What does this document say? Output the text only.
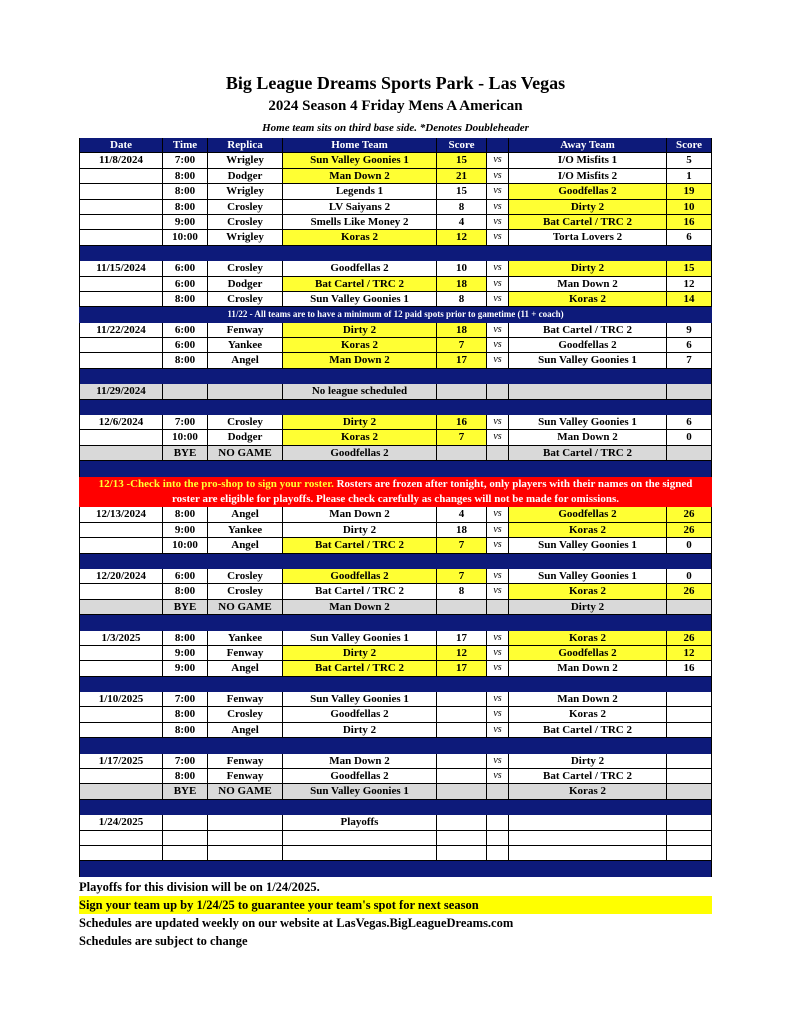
Big League Dreams Sports Park - Las Vegas
2024 Season 4 Friday Mens A American
Home team sits on third base side. *Denotes Doubleheader
Date	Time	Replica	Home Team	Score	Away Team	Score
11/8/2024	7:00	Wrigley	Sun Valley Goonies 1	15	vs	I/O Misfits 1	5
8:00	Dodger	Man Down 2	21	vs	I/O Misfits 2	1
8:00	Wrigley	Legends 1	15	vs	Goodfellas 2	19
8:00	Crosley	LV Saiyans 2	8	vs	Dirty 2	10
9:00	Crosley	Smells Like Money 2	4	vs	Bat Cartel / TRC 2	16
10:00	Wrigley	Koras 2	12	vs	Torta Lovers 2	6
11/15/2024	6:00	Crosley	Goodfellas 2	10	vs	Dirty 2	15
6:00	Dodger	Bat Cartel / TRC 2	18	vs	Man Down 2	12
8:00	Crosley	Sun Valley Goonies 1	8	vs	Koras 2	14
11/22 - All teams are to have a minimum of 12 paid spots prior to gametime (11 + coach)
11/22/2024	6:00	Fenway	Dirty 2	18	vs	Bat Cartel / TRC 2	9
6:00	Yankee	Koras 2	7	vs	Goodfellas 2	6
8:00	Angel	Man Down 2	17	vs	Sun Valley Goonies 1	7
11/29/2024	No league scheduled
12/6/2024	7:00	Crosley	Dirty 2	16	vs	Sun Valley Goonies 1	6
10:00	Dodger	Koras 2	7	vs	Man Down 2	0
BYE	NO GAME	Goodfellas 2	Bat Cartel / TRC 2
12/13 -Check into the pro-shop to sign your roster. Rosters are frozen after tonight, only players with their names on the signed roster are eligible for playoffs. Please check carefully as changes will not be made for omissions.
12/13/2024	8:00	Angel	Man Down 2	4	vs	Goodfellas 2	26
9:00	Yankee	Dirty 2	18	vs	Koras 2	26
10:00	Angel	Bat Cartel / TRC 2	7	vs	Sun Valley Goonies 1	0
12/20/2024	6:00	Crosley	Goodfellas 2	7	vs	Sun Valley Goonies 1	0
8:00	Crosley	Bat Cartel / TRC 2	8	vs	Koras 2	26
BYE	NO GAME	Man Down 2	Dirty 2
1/3/2025	8:00	Yankee	Sun Valley Goonies 1	17	vs	Koras 2	26
9:00	Fenway	Dirty 2	12	vs	Goodfellas 2	12
9:00	Angel	Bat Cartel / TRC 2	17	vs	Man Down 2	16
1/10/2025	7:00	Fenway	Sun Valley Goonies 1	vs	Man Down 2
8:00	Crosley	Goodfellas 2	vs	Koras 2
8:00	Angel	Dirty 2	vs	Bat Cartel / TRC 2
1/17/2025	7:00	Fenway	Man Down 2	vs	Dirty 2
8:00	Fenway	Goodfellas 2	vs	Bat Cartel / TRC 2
BYE	NO GAME	Sun Valley Goonies 1	Koras 2
1/24/2025	Playoffs
Playoffs for this division will be on 1/24/2025.
Sign your team up by 1/24/25 to guarantee your team's spot for next season
Schedules are updated weekly on our website at LasVegas.BigLeagueDreams.com
Schedules are subject to change
